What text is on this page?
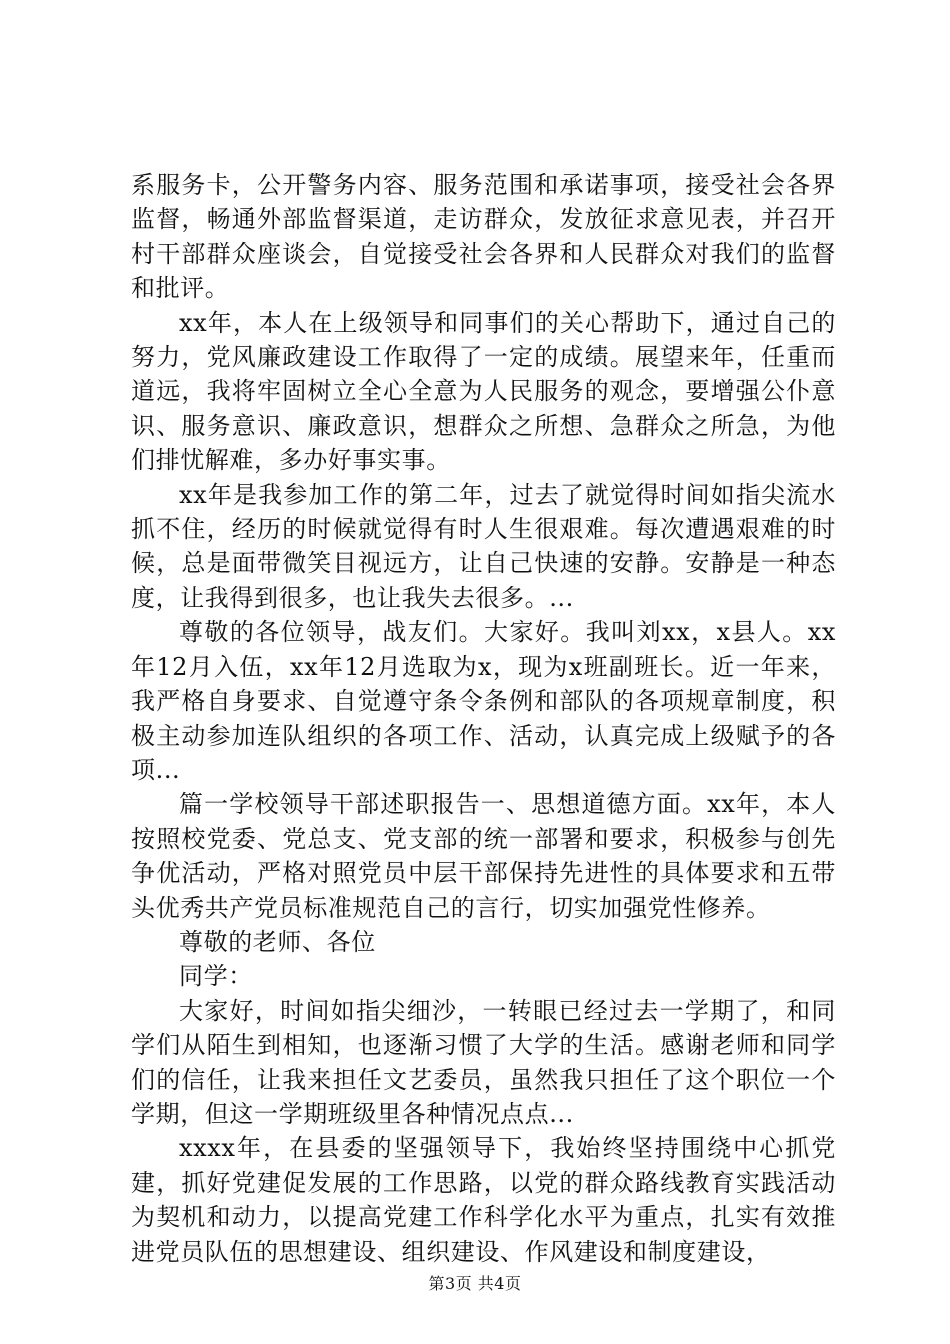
系服务卡，公开警务内容、服务范围和承诺事项，接受社会各界监督，畅通外部监督渠道，走访群众，发放征求意见表，并召开村干部群众座谈会，自觉接受社会各界和人民群众对我们的监督和批评。

xx年，本人在上级领导和同事们的关心帮助下，通过自己的努力，党风廉政建设工作取得了一定的成绩。展望来年，任重而道远，我将牢固树立全心全意为人民服务的观念，要增强公仆意识、服务意识、廉政意识，想群众之所想、急群众之所急，为他们排忧解难，多办好事实事。

xx年是我参加工作的第二年，过去了就觉得时间如指尖流水抓不住，经历的时候就觉得有时人生很艰难。每次遭遇艰难的时候，总是面带微笑目视远方，让自己快速的安静。安静是一种态度，让我得到很多，也让我失去很多。...

尊敬的各位领导，战友们。大家好。我叫刘xx，x县人。xx年12月入伍，xx年12月选取为x，现为x班副班长。近一年来，我严格自身要求、自觉遵守条令条例和部队的各项规章制度，积极主动参加连队组织的各项工作、活动，认真完成上级赋予的各项...

篇一学校领导干部述职报告一、思想道德方面。xx年，本人按照校党委、党总支、党支部的统一部署和要求，积极参与创先争优活动，严格对照党员中层干部保持先进性的具体要求和五带头优秀共产党员标准规范自己的言行，切实加强党性修养。

尊敬的老师、各位

同学：

大家好，时间如指尖细沙，一转眼已经过去一学期了，和同学们从陌生到相知，也逐渐习惯了大学的生活。感谢老师和同学们的信任，让我来担任文艺委员，虽然我只担任了这个职位一个学期，但这一学期班级里各种情况点点...

xxxx年，在县委的坚强领导下，我始终坚持围绕中心抓党建，抓好党建促发展的工作思路，以党的群众路线教育实践活动为契机和动力，以提高党建工作科学化水平为重点，扎实有效推进党员队伍的思想建设、组织建设、作风建设和制度建设，

第3页 共4页
